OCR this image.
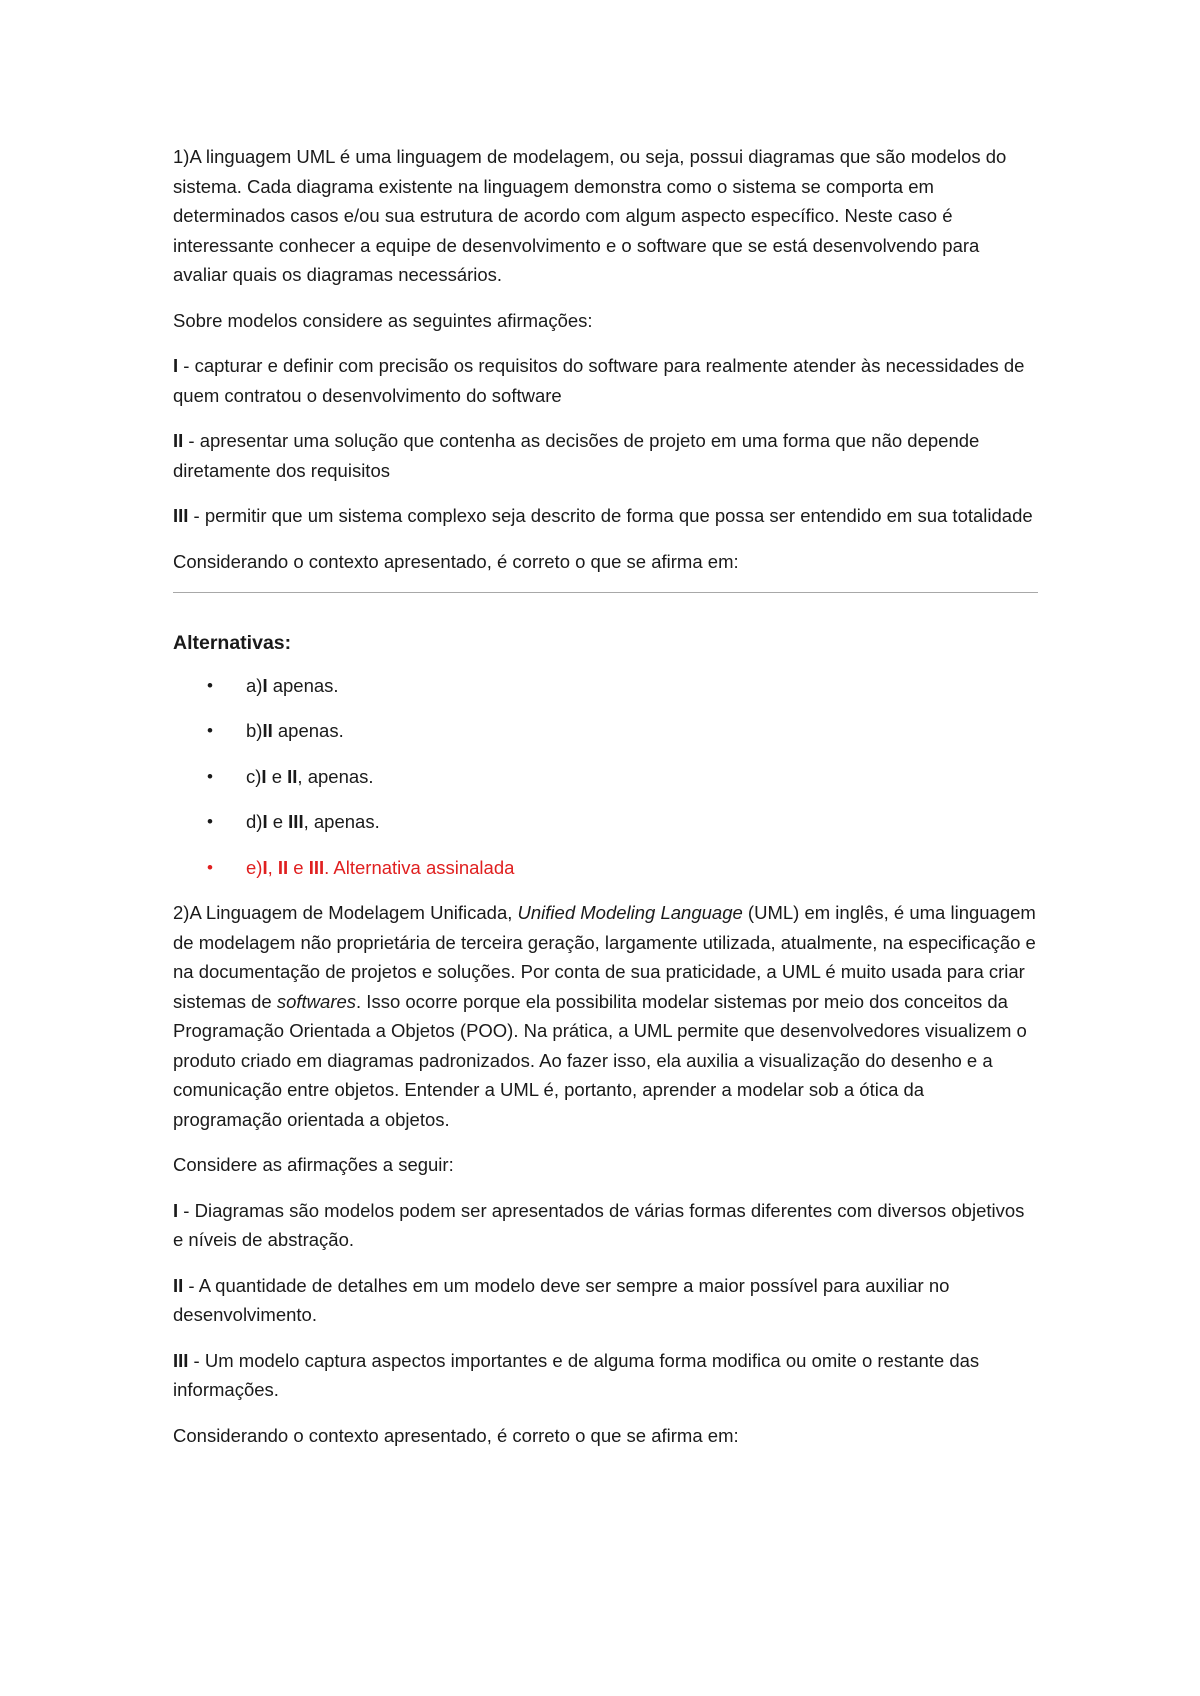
1)A linguagem UML é uma linguagem de modelagem, ou seja, possui diagramas que são modelos do sistema. Cada diagrama existente na linguagem demonstra como o sistema se comporta em determinados casos e/ou sua estrutura de acordo com algum aspecto específico. Neste caso é interessante conhecer a equipe de desenvolvimento e o software que se está desenvolvendo para avaliar quais os diagramas necessários.

Sobre modelos considere as seguintes afirmações:

I - capturar e definir com precisão os requisitos do software para realmente atender às necessidades de quem contratou o desenvolvimento do software

II - apresentar uma solução que contenha as decisões de projeto em uma forma que não depende diretamente dos requisitos

III - permitir que um sistema complexo seja descrito de forma que possa ser entendido em sua totalidade

Considerando o contexto apresentado, é correto o que se afirma em:

Alternativas:
• a)I apenas.
• b)II apenas.
• c)I e II, apenas.
• d)I e III, apenas.
• e)I, II e III. Alternativa assinalada

2)A Linguagem de Modelagem Unificada, Unified Modeling Language (UML) em inglês, é uma linguagem de modelagem não proprietária de terceira geração, largamente utilizada, atualmente, na especificação e na documentação de projetos e soluções. Por conta de sua praticidade, a UML é muito usada para criar sistemas de softwares. Isso ocorre porque ela possibilita modelar sistemas por meio dos conceitos da Programação Orientada a Objetos (POO). Na prática, a UML permite que desenvolvedores visualizem o produto criado em diagramas padronizados. Ao fazer isso, ela auxilia a visualização do desenho e a comunicação entre objetos. Entender a UML é, portanto, aprender a modelar sob a ótica da programação orientada a objetos.

Considere as afirmações a seguir:

I - Diagramas são modelos podem ser apresentados de várias formas diferentes com diversos objetivos e níveis de abstração.

II - A quantidade de detalhes em um modelo deve ser sempre a maior possível para auxiliar no desenvolvimento.

III - Um modelo captura aspectos importantes e de alguma forma modifica ou omite o restante das informações.

Considerando o contexto apresentado, é correto o que se afirma em:
